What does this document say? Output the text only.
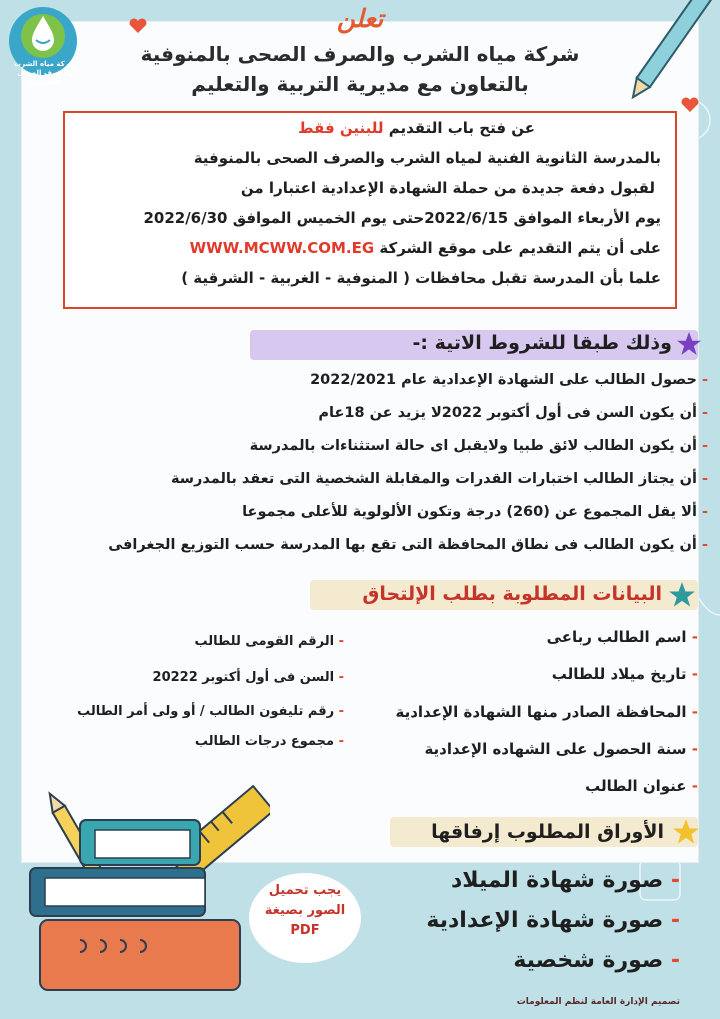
شركة مياه الشرب والصرف الصحى بالمنوفية
تعلن
شركة مياه الشرب والصرف الصحى بالمنوفية
بالتعاون مع مديرية التربية والتعليم
عن فتح باب التقديم للبنين فقط
بالمدرسة الثانوية الفنية لمياه الشرب والصرف الصحى بالمنوفية
لقبول دفعة جديدة من حملة الشهادة الإعدادية اعتبارا من
يوم الأربعاء الموافق 2022/6/15حتى يوم الخميس الموافق 2022/6/30
على أن يتم التقديم على موقع الشركة WWW.MCWW.COM.EG
علما بأن المدرسة تقبل محافظات ( المنوفية - الغربية - الشرقية )
وذلك طبقا للشروط الاتية :-
- حصول الطالب على الشهادة الإعدادية عام 2022/2021
- أن يكون السن فى أول أكتوبر 2022لا يزيد عن 18عام
- أن يكون الطالب لائق طبيا ولايقبل اى حالة استثناءات بالمدرسة
- أن يجتاز الطالب اختبارات القدرات والمقابلة الشخصية التى تعقد بالمدرسة
- ألا يقل المجموع عن (260) درجة وتكون الألولوية للأعلى مجموعا
- أن يكون الطالب فى نطاق المحافظة التى تقع بها المدرسة حسب التوزيع الجغرافى
البيانات المطلوبة بطلب الإلتحاق
- اسم الطالب رباعى
- تاريخ ميلاد للطالب
- المحافظة الصادر منها الشهادة الإعدادية
- سنة الحصول على الشهاده الإعدادية
- عنوان الطالب
- الرقم القومى للطالب
- السن فى أول أكتوبر 20222
- رقم تليفون الطالب / أو ولى أمر الطالب
- مجموع درجات الطالب
الأوراق المطلوب إرفاقها
- صورة شهادة الميلاد
- صورة شهادة الإعدادية
- صورة شخصية
يجب تحميل
الصور بصيغة
PDF
تصميم الإدارة العامة لنظم المعلومات
